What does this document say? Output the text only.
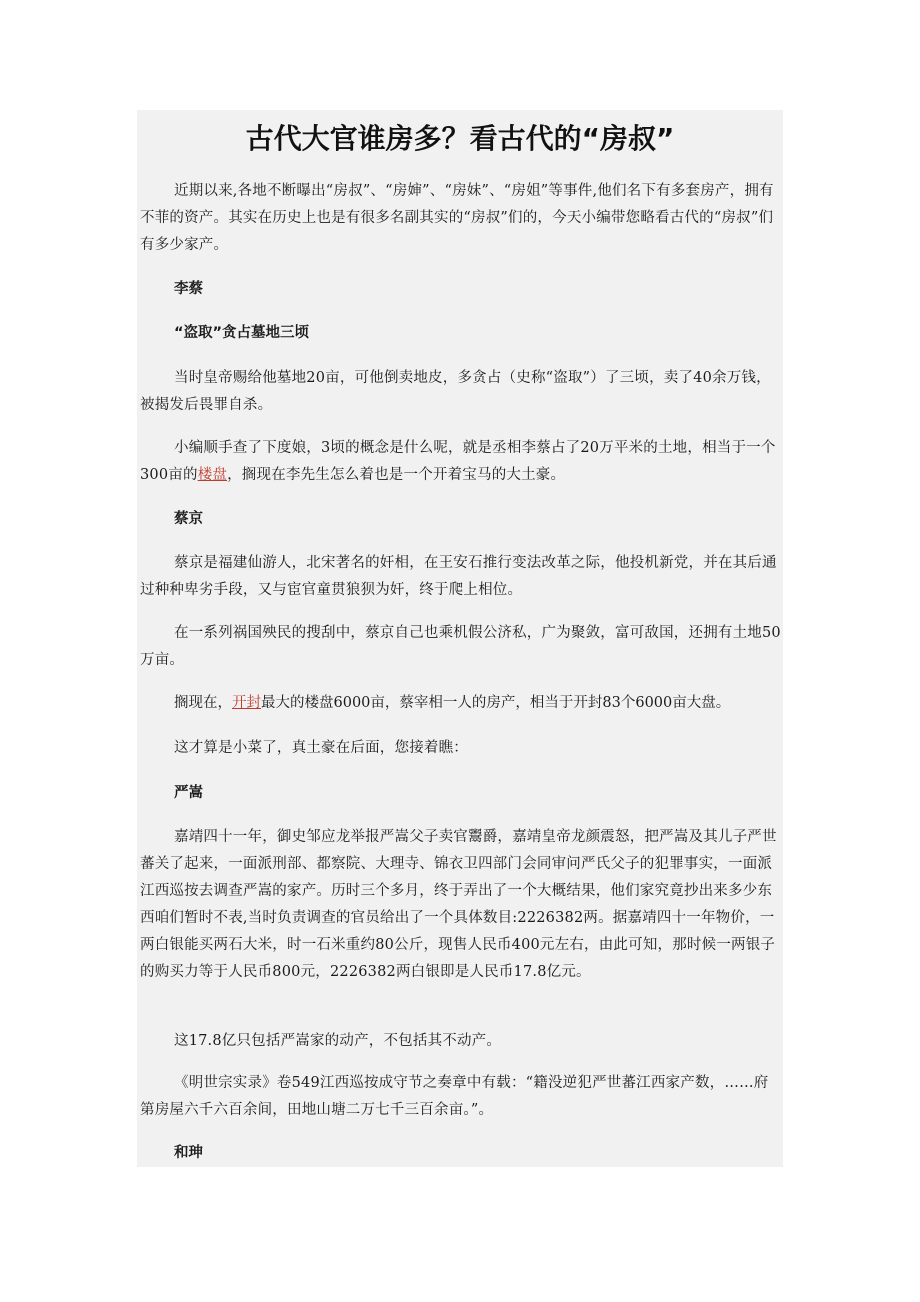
古代大官谁房多？看古代的“房叔”
近期以来,各地不断曝出“房叔”、“房婶”、“房妹”、“房姐”等事件,他们名下有多套房产，拥有不菲的资产。其实在历史上也是有很多名副其实的“房叔”们的，今天小编带您略看古代的“房叔”们有多少家产。
李蔡
“盗取”贪占墓地三顷
当时皇帝赐给他墓地20亩，可他倒卖地皮，多贪占（史称“盗取”）了三顷，卖了40余万钱，被揭发后畏罪自杀。
小编顺手查了下度娘，3顷的概念是什么呢，就是丞相李蔡占了20万平米的土地，相当于一个300亩的楼盘，搁现在李先生怎么着也是一个开着宝马的大土豪。
蔡京
蔡京是福建仙游人，北宋著名的奸相，在王安石推行变法改革之际，他投机新党，并在其后通过种种卑劣手段，又与宦官童贯狼狈为奸，终于爬上相位。
在一系列祸国殃民的搜刮中，蔡京自己也乘机假公济私，广为聚敛，富可敌国，还拥有土地50万亩。
搁现在，开封最大的楼盘6000亩，蔡宰相一人的房产，相当于开封83个6000亩大盘。
这才算是小菜了，真土豪在后面，您接着瞧：
严嵩
嘉靖四十一年，御史邹应龙举报严嵩父子卖官鬻爵，嘉靖皇帝龙颜震怒，把严嵩及其儿子严世蕃关了起来，一面派刑部、都察院、大理寺、锦衣卫四部门会同审问严氏父子的犯罪事实，一面派江西巡按去调查严嵩的家产。历时三个多月，终于弄出了一个大概结果，他们家究竟抄出来多少东西咱们暂时不表,当时负责调查的官员给出了一个具体数目:2226382两。据嘉靖四十一年物价，一两白银能买两石大米，时一石米重约80公斤，现售人民币400元左右，由此可知，那时候一两银子的购买力等于人民币800元，2226382两白银即是人民币17.8亿元。
这17.8亿只包括严嵩家的动产，不包括其不动产。
《明世宗实录》卷549江西巡按成守节之奏章中有载：“籍没逆犯严世蕃江西家产数，……府第房屋六千六百余间，田地山塘二万七千三百余亩。”。
和珅
